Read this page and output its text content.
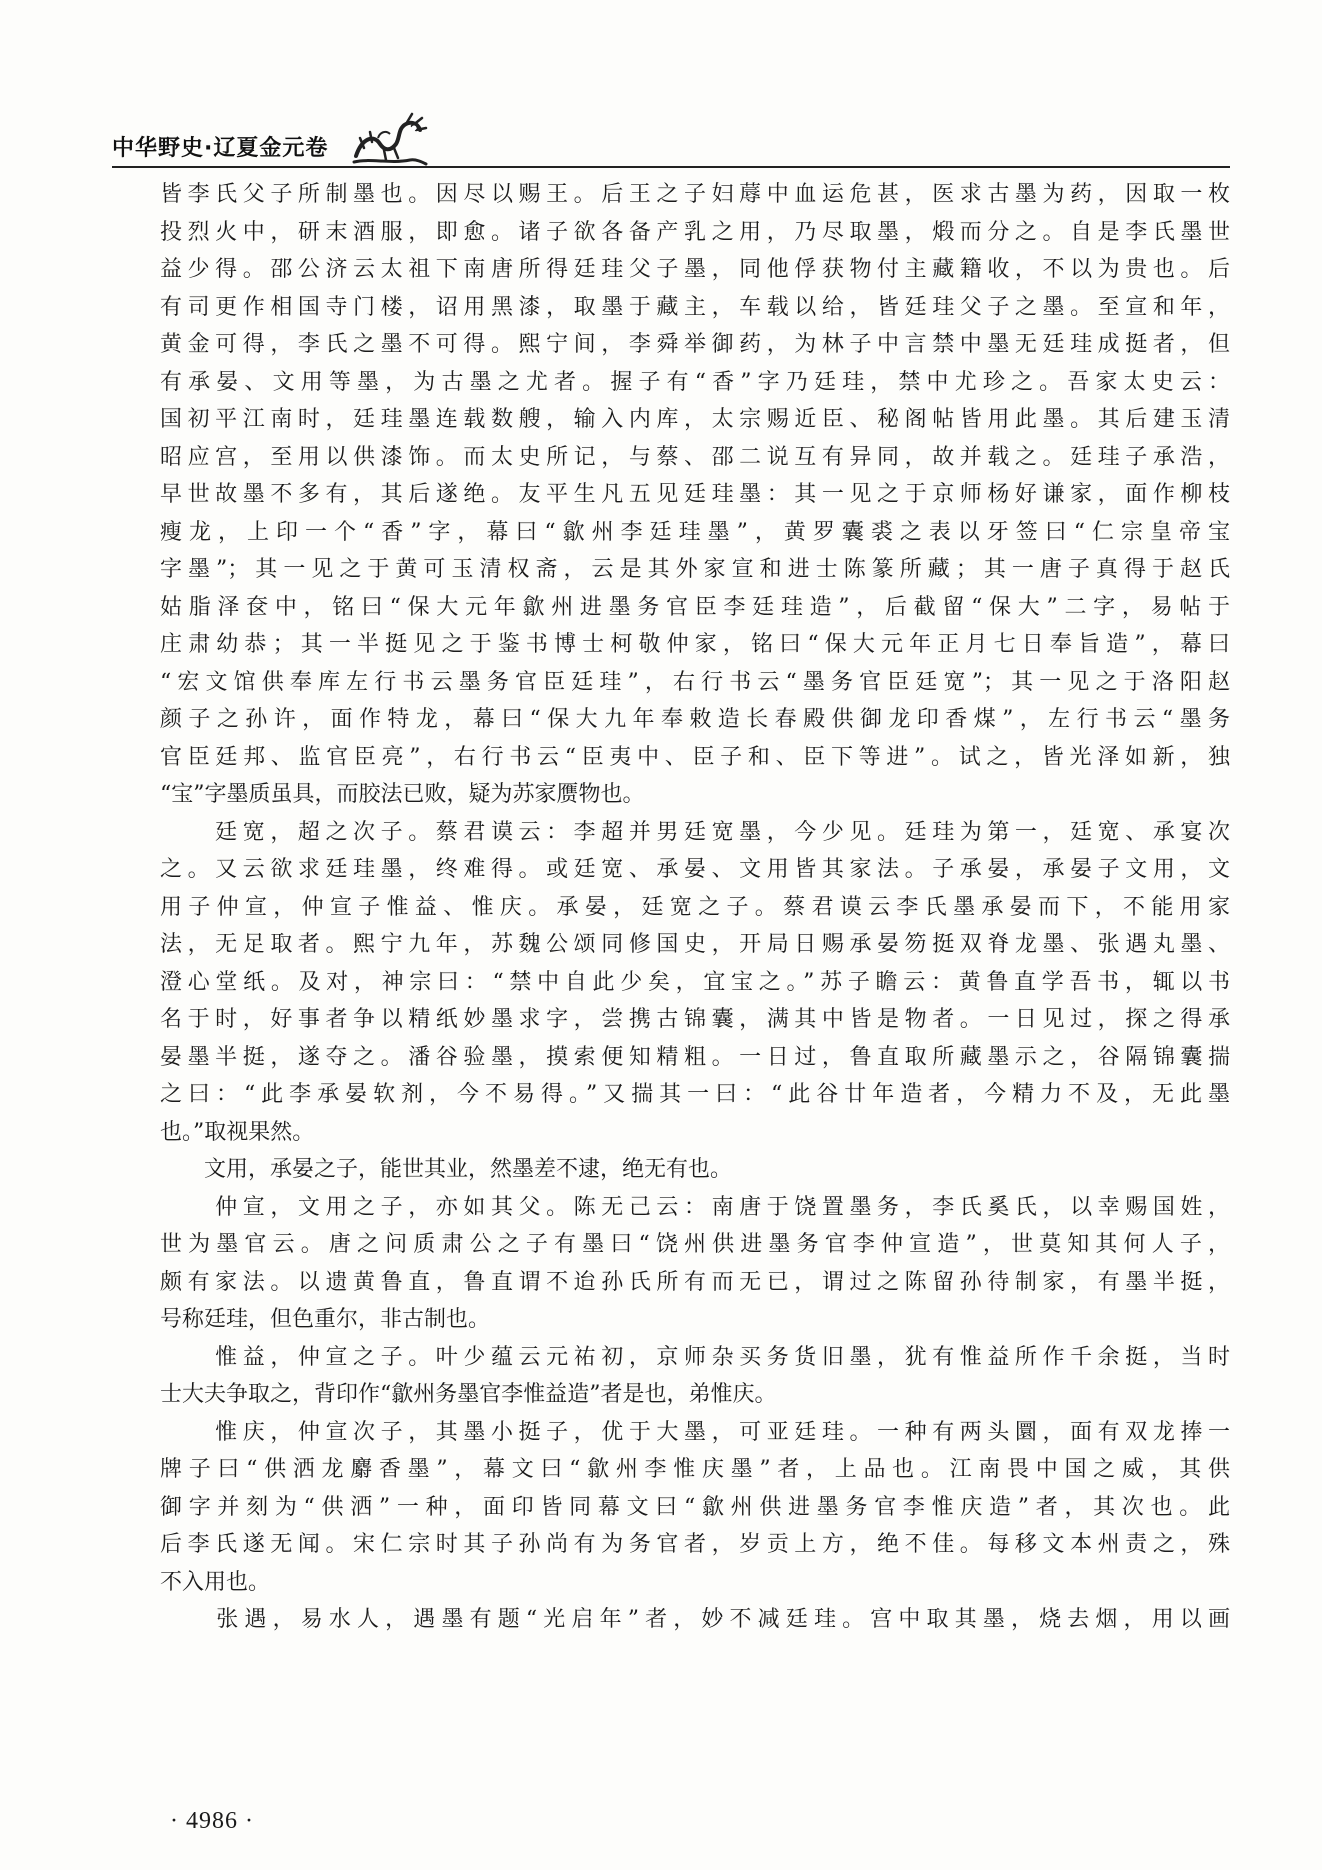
中华野史·辽夏金元卷
皆李氏父子所制墨也。因尽以赐王。后王之子妇蓐中血运危甚，医求古墨为药，因取一枚
投烈火中，研末酒服，即愈。诸子欲各备产乳之用，乃尽取墨，煅而分之。自是李氏墨世
益少得。邵公济云太祖下南唐所得廷珪父子墨，同他俘获物付主藏籍收，不以为贵也。后
有司更作相国寺门楼，诏用黑漆，取墨于藏主，车载以给，皆廷珪父子之墨。至宣和年，
黄金可得，李氏之墨不可得。熙宁间，李舜举御药，为林子中言禁中墨无廷珪成挺者，但
有承晏、文用等墨，为古墨之尤者。握子有“香”字乃廷珪，禁中尤珍之。吾家太史云：
国初平江南时，廷珪墨连载数艘，输入内库，太宗赐近臣、秘阁帖皆用此墨。其后建玉清
昭应宫，至用以供漆饰。而太史所记，与蔡、邵二说互有异同，故并载之。廷珪子承浩，
早世故墨不多有，其后遂绝。友平生凡五见廷珪墨：其一见之于京师杨好谦家，面作柳枝
瘦龙，上印一个“香”字，幕曰“歙州李廷珪墨”，黄罗囊裘之表以牙签曰“仁宗皇帝宝
字墨”；其一见之于黄可玉清权斋，云是其外家宣和进士陈篆所藏；其一唐子真得于赵氏
姑脂泽奁中，铭曰“保大元年歙州进墨务官臣李廷珪造”，后截留“保大”二字，易帖于
庄肃幼恭；其一半挺见之于鉴书博士柯敬仲家，铭曰“保大元年正月七日奉旨造”，幕曰
“宏文馆供奉库左行书云墨务官臣廷珪”，右行书云“墨务官臣廷宽”；其一见之于洛阳赵
颜子之孙许，面作特龙，幕曰“保大九年奉敕造长春殿供御龙印香煤”，左行书云“墨务
官臣廷邦、监官臣亮”，右行书云“臣夷中、臣子和、臣下等进”。试之，皆光泽如新，独
“宝”字墨质虽具，而胶法已败，疑为苏家赝物也。
　　廷宽，超之次子。蔡君谟云：李超并男廷宽墨，今少见。廷珪为第一，廷宽、承宴次
之。又云欲求廷珪墨，终难得。或廷宽、承晏、文用皆其家法。子承晏，承晏子文用，文
用子仲宣，仲宣子惟益、惟庆。承晏，廷宽之子。蔡君谟云李氏墨承晏而下，不能用家
法，无足取者。熙宁九年，苏魏公颂同修国史，开局日赐承晏笏挺双脊龙墨、张遇丸墨、
澄心堂纸。及对，神宗曰：“禁中自此少矣，宜宝之。”苏子瞻云：黄鲁直学吾书，辄以书
名于时，好事者争以精纸妙墨求字，尝携古锦囊，满其中皆是物者。一日见过，探之得承
晏墨半挺，遂夺之。潘谷验墨，摸索便知精粗。一日过，鲁直取所藏墨示之，谷隔锦囊揣
之曰：“此李承晏软剂，今不易得。”又揣其一曰：“此谷廿年造者，今精力不及，无此墨
也。”取视果然。
　　文用，承晏之子，能世其业，然墨差不逮，绝无有也。
　　仲宣，文用之子，亦如其父。陈无己云：南唐于饶置墨务，李氏奚氏，以幸赐国姓，
世为墨官云。唐之问质肃公之子有墨曰“饶州供进墨务官李仲宣造”，世莫知其何人子，
颇有家法。以遗黄鲁直，鲁直谓不迨孙氏所有而无已，谓过之陈留孙待制家，有墨半挺，
号称廷珪，但色重尔，非古制也。
　　惟益，仲宣之子。叶少蕴云元祐初，京师杂买务货旧墨，犹有惟益所作千余挺，当时
士大夫争取之，背印作“歙州务墨官李惟益造”者是也，弟惟庆。
　　惟庆，仲宣次子，其墨小挺子，优于大墨，可亚廷珪。一种有两头圜，面有双龙捧一
牌子曰“供洒龙麝香墨”，幕文曰“歙州李惟庆墨”者，上品也。江南畏中国之威，其供
御字并刻为“供洒”一种，面印皆同幕文曰“歙州供进墨务官李惟庆造”者，其次也。此
后李氏遂无闻。宋仁宗时其子孙尚有为务官者，岁贡上方，绝不佳。每移文本州责之，殊
不入用也。
　　张遇，易水人，遇墨有题“光启年”者，妙不减廷珪。宫中取其墨，烧去烟，用以画
· 4986 ·
